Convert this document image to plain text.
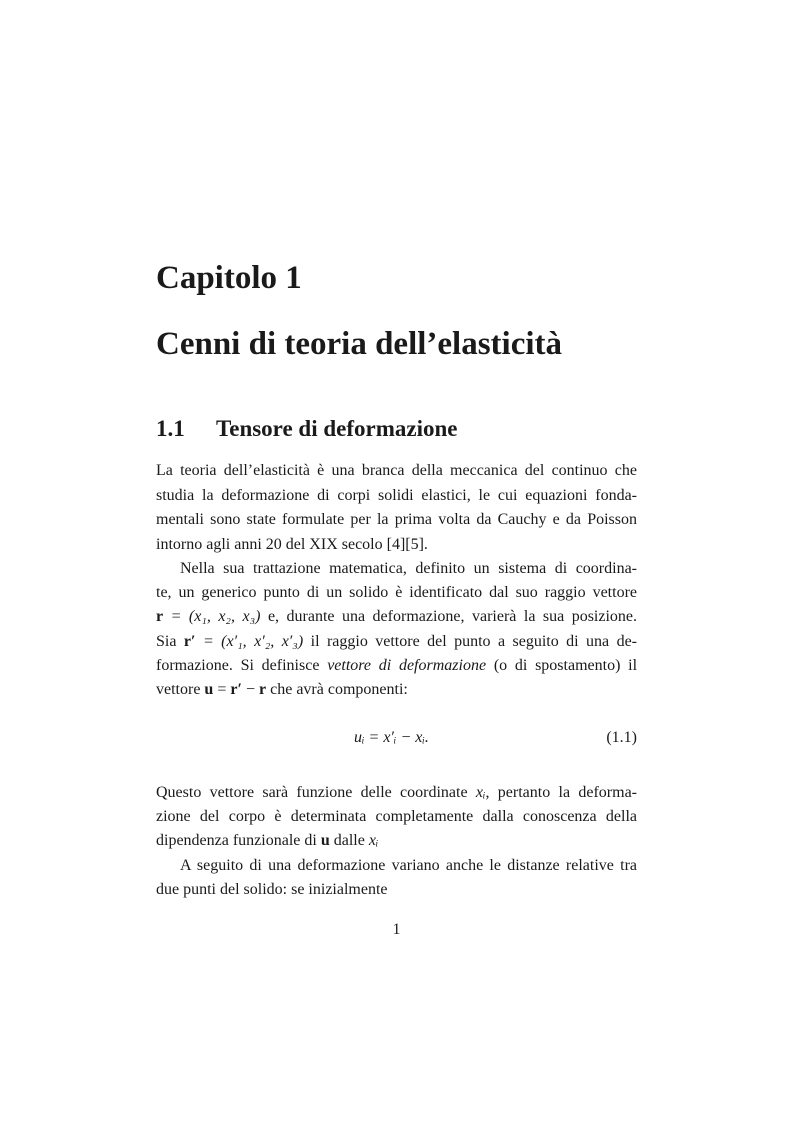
Capitolo 1
Cenni di teoria dell’elasticità
1.1 Tensore di deformazione
La teoria dell’elasticità è una branca della meccanica del continuo che
studia la deformazione di corpi solidi elastici, le cui equazioni fonda-
mentali sono state formulate per la prima volta da Cauchy e da Poisson
intorno agli anni 20 del XIX secolo [4][5].
Nella sua trattazione matematica, definito un sistema di coordina-
te, un generico punto di un solido è identificato dal suo raggio vettore
r = (x₁, x₂, x₃) e, durante una deformazione, varierà la sua posizione.
Sia r′ = (x′₁, x′₂, x′₃) il raggio vettore del punto a seguito di una de-
formazione. Si definisce vettore di deformazione (o di spostamento) il
vettore u = r′ − r che avrà componenti:
uᵢ = x′ᵢ − xᵢ.	(1.1)
Questo vettore sarà funzione delle coordinate xᵢ, pertanto la deforma-
zione del corpo è determinata completamente dalla conoscenza della
dipendenza funzionale di u dalle xᵢ
A seguito di una deformazione variano anche le distanze relative tra
due punti del solido: se inizialmente
1
